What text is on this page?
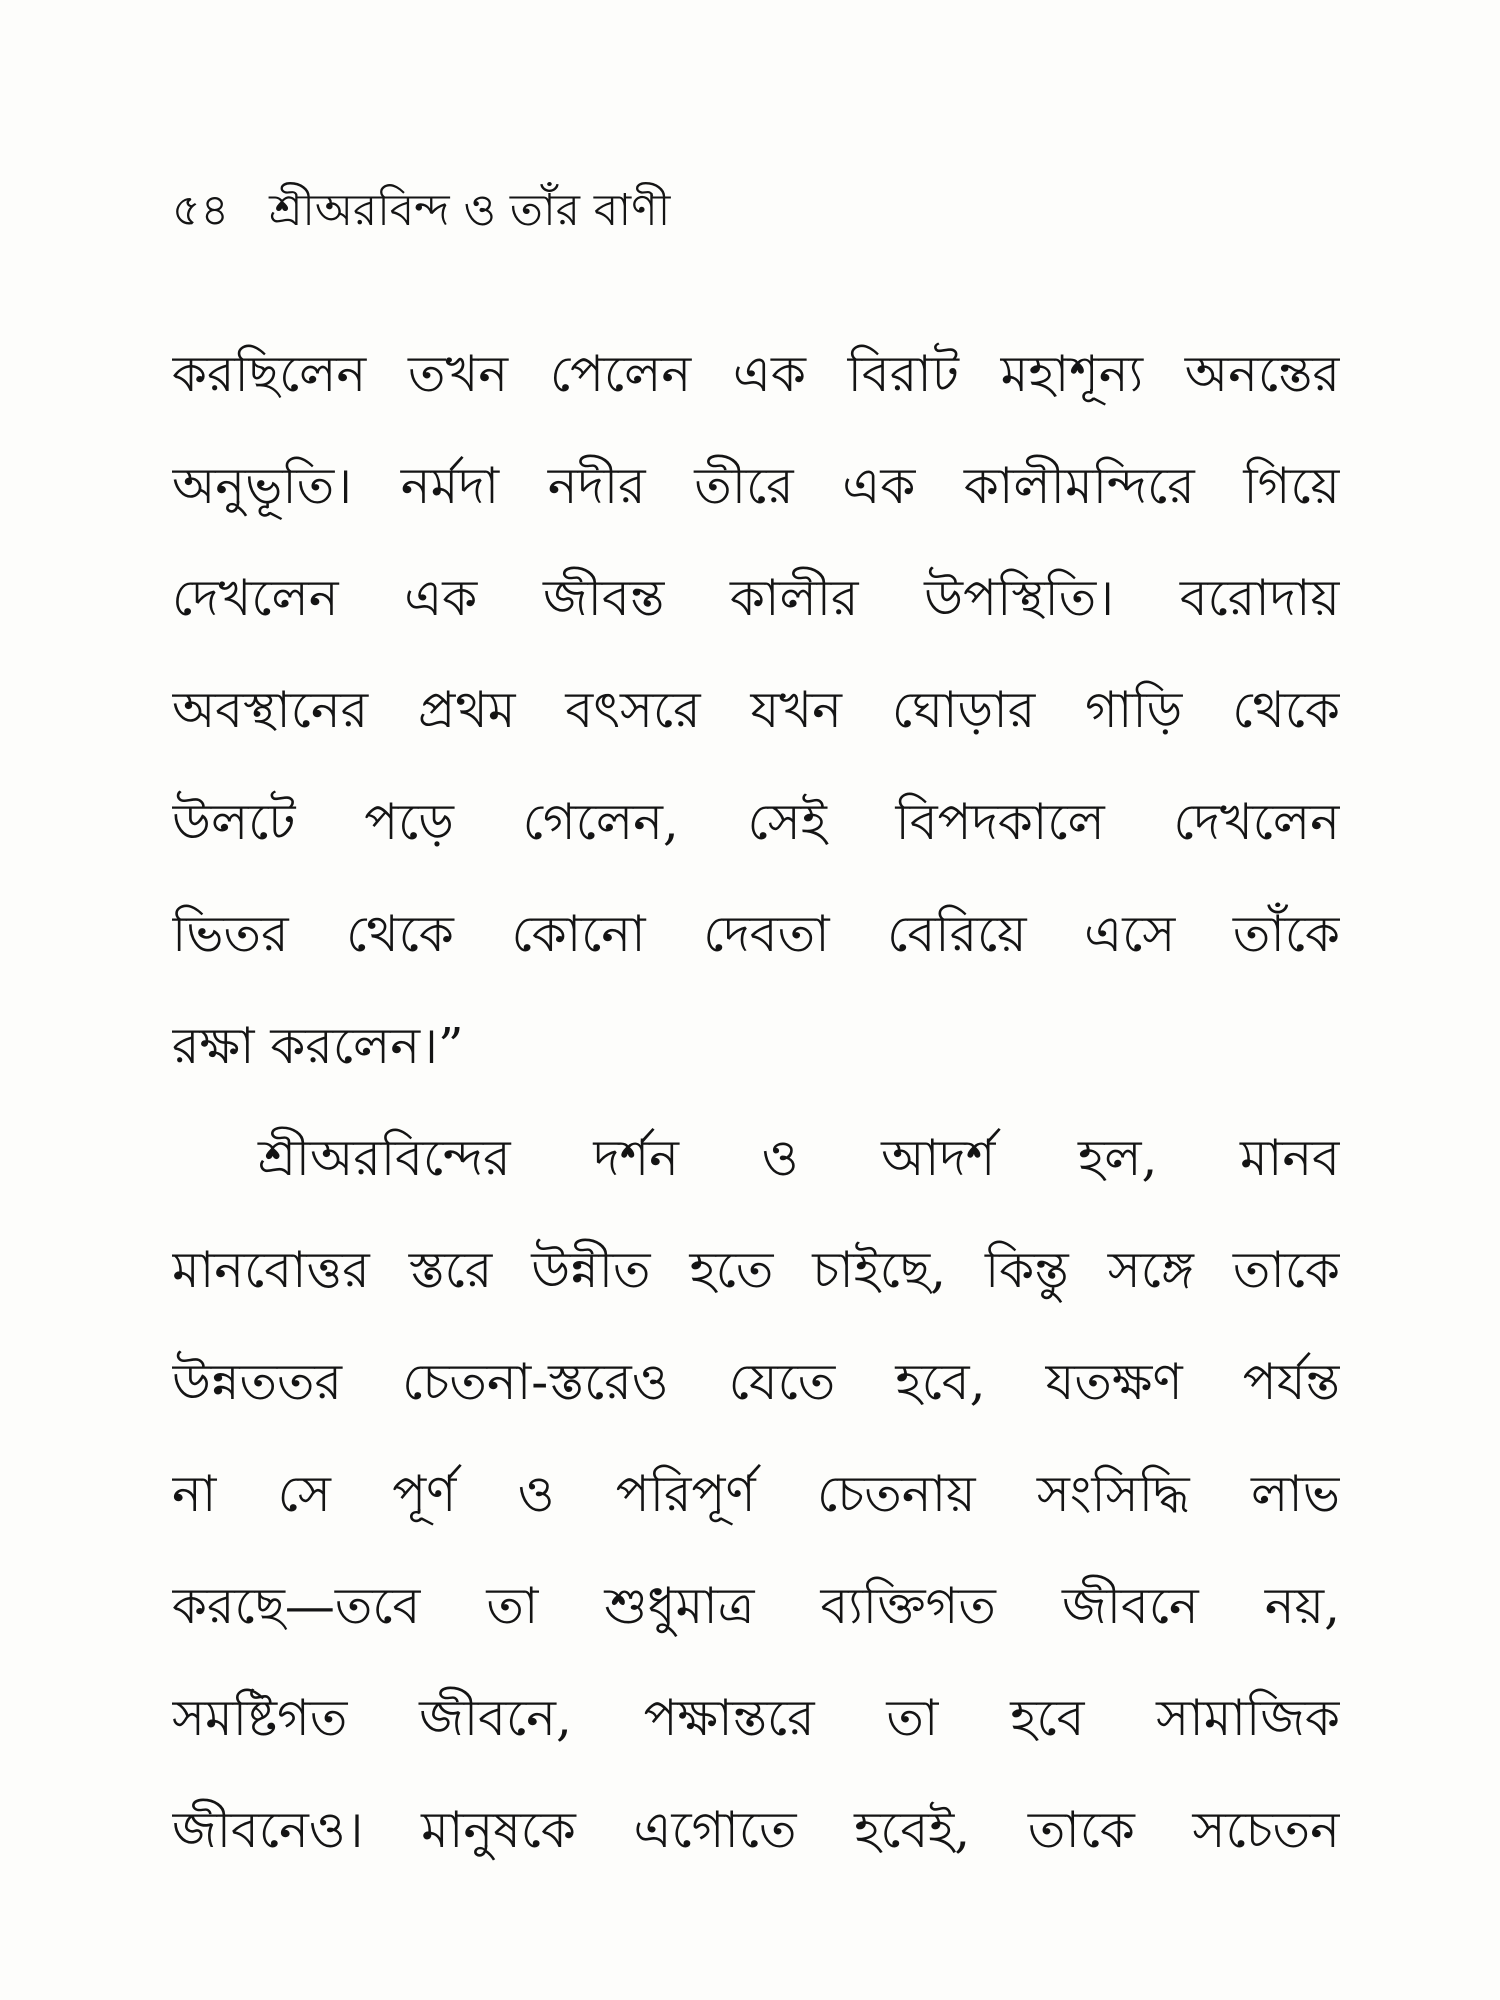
৫৪ শ্রীঅরবিন্দ ও তাঁর বাণী
করছিলেন তখন পেলেন এক বিরাট মহাশূন্য অনন্তের
অনুভূতি। নর্মদা নদীর তীরে এক কালীমন্দিরে গিয়ে
দেখলেন এক জীবন্ত কালীর উপস্থিতি। বরোদায়
অবস্থানের প্রথম বৎসরে যখন ঘোড়ার গাড়ি থেকে
উলটে পড়ে গেলেন, সেই বিপদকালে দেখলেন
ভিতর থেকে কোনো দেবতা বেরিয়ে এসে তাঁকে
রক্ষা করলেন।”
শ্রীঅরবিন্দের দর্শন ও আদর্শ হল, মানব
মানবোত্তর স্তরে উন্নীত হতে চাইছে, কিন্তু সঙ্গে তাকে
উন্নততর চেতনা-স্তরেও যেতে হবে, যতক্ষণ পর্যন্ত
না সে পূর্ণ ও পরিপূর্ণ চেতনায় সংসিদ্ধি লাভ
করছে—তবে তা শুধুমাত্র ব্যক্তিগত জীবনে নয়,
সমষ্টিগত জীবনে, পক্ষান্তরে তা হবে সামাজিক
জীবনেও। মানুষকে এগোতে হবেই, তাকে সচেতন
